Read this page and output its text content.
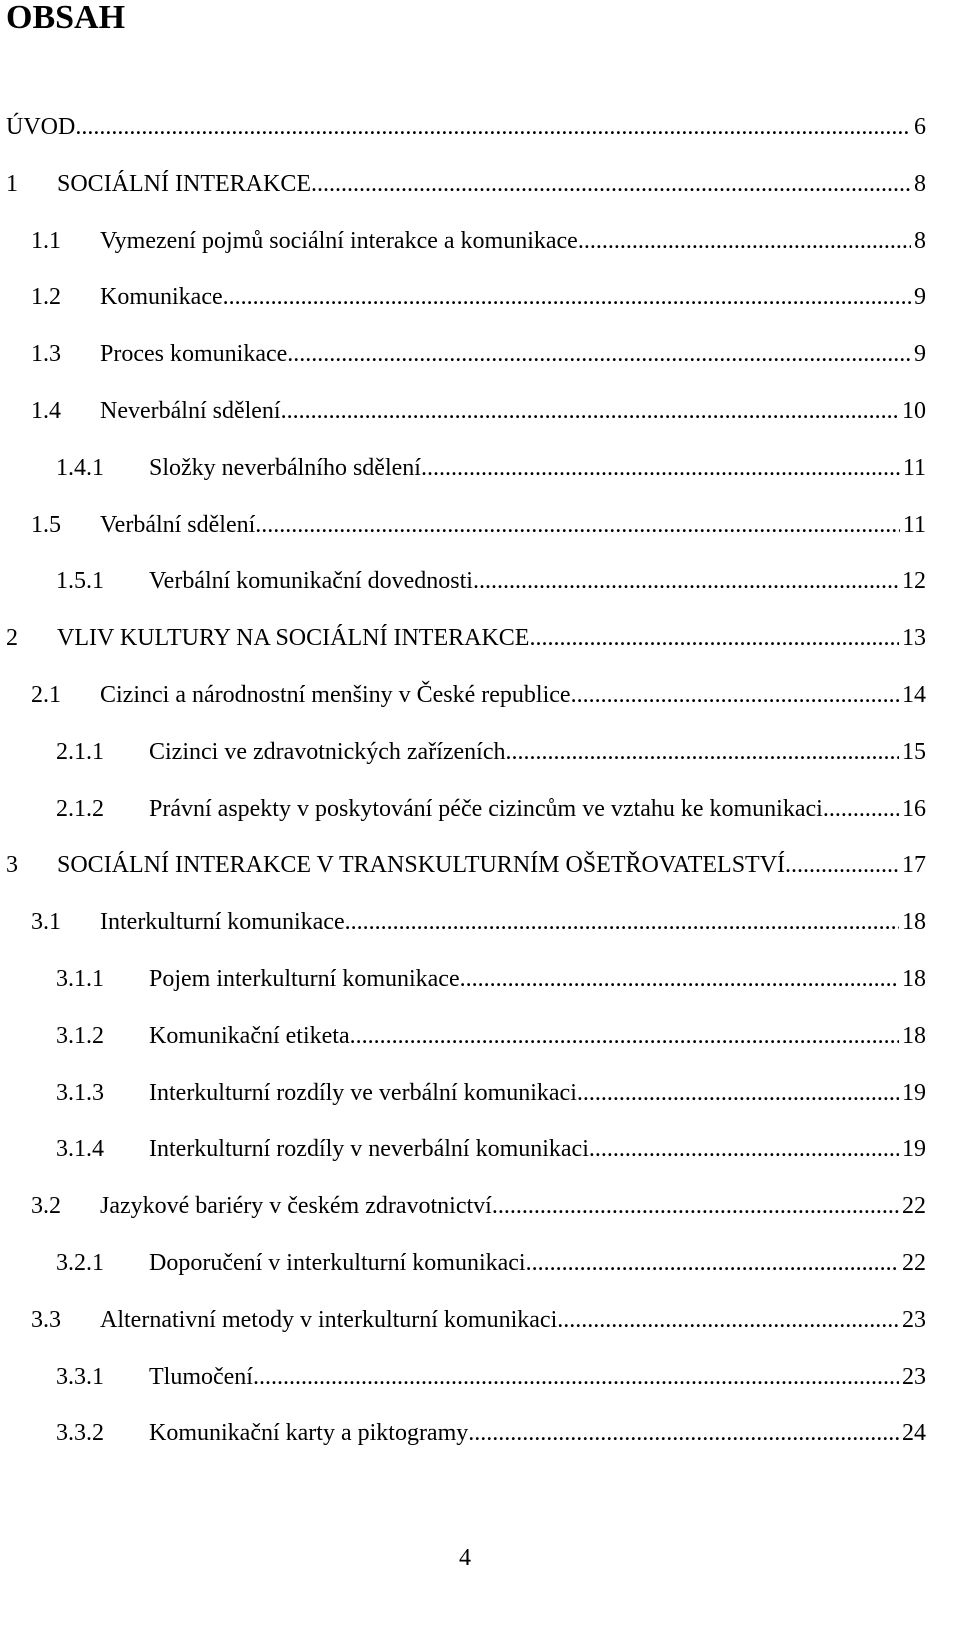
OBSAH
ÚVOD .....	6
1	SOCIÁLNÍ INTERAKCE .....	8
1.1	Vymezení pojmů sociální interakce a komunikace .....	8
1.2	Komunikace .....	9
1.3	Proces komunikace .....	9
1.4	Neverbální sdělení .....	10
1.4.1	Složky neverbálního sdělení .....	11
1.5	Verbální sdělení .....	11
1.5.1	Verbální komunikační dovednosti .....	12
2	VLIV KULTURY NA SOCIÁLNÍ INTERAKCE .....	13
2.1	Cizinci a národnostní menšiny v České republice .....	14
2.1.1	Cizinci ve zdravotnických zařízeních .....	15
2.1.2	Právní aspekty v poskytování péče cizincům ve vztahu ke komunikaci .....	16
3	SOCIÁLNÍ INTERAKCE V TRANSKULTURNÍM OŠETŘOVATELSTVÍ .....	17
3.1	Interkulturní komunikace .....	18
3.1.1	Pojem interkulturní komunikace .....	18
3.1.2	Komunikační etiketa .....	18
3.1.3	Interkulturní rozdíly ve verbální komunikaci .....	19
3.1.4	Interkulturní rozdíly v neverbální komunikaci .....	19
3.2	Jazykové bariéry v českém zdravotnictví .....	22
3.2.1	Doporučení v interkulturní komunikaci .....	22
3.3	Alternativní metody v interkulturní komunikaci .....	23
3.3.1	Tlumočení .....	23
3.3.2	Komunikační karty a piktogramy .....	24
4
